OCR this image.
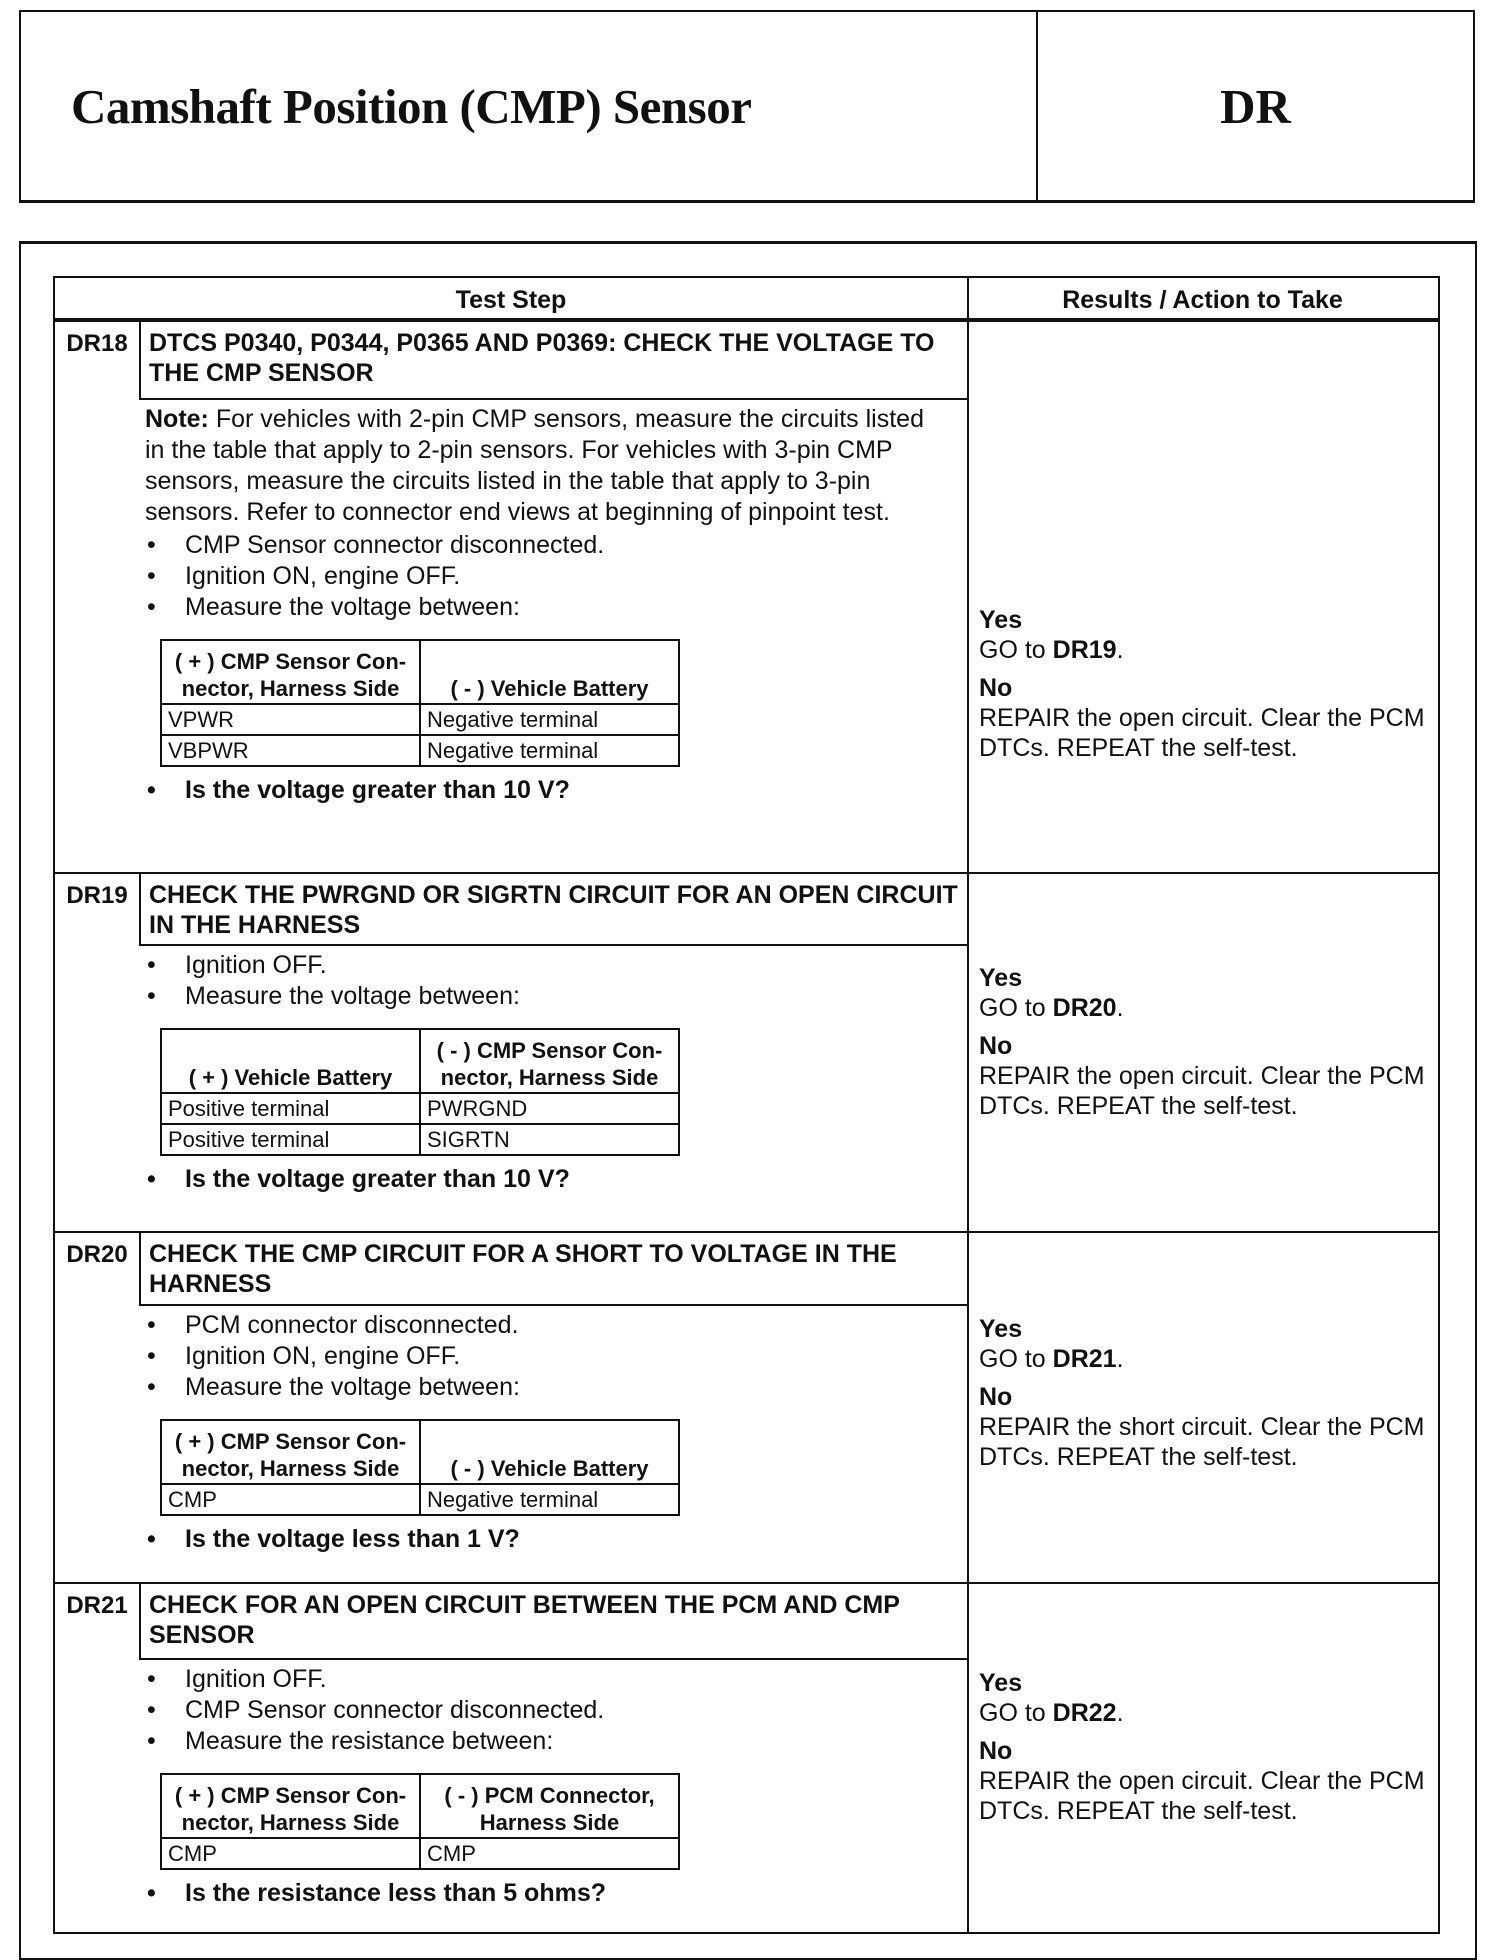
Camshaft Position (CMP) Sensor	DR
Test Step	Results / Action to Take
DR18 DTCS P0340, P0344, P0365 AND P0369: CHECK THE VOLTAGE TO THE CMP SENSOR

Note: For vehicles with 2-pin CMP sensors, measure the circuits listed in the table that apply to 2-pin sensors. For vehicles with 3-pin CMP sensors, measure the circuits listed in the table that apply to 3-pin sensors. Refer to connector end views at beginning of pinpoint test.

• CMP Sensor connector disconnected.
• Ignition ON, engine OFF.
• Measure the voltage between:
( + ) CMP Sensor Con-nector, Harness Side	( - ) Vehicle Battery
VPWR	Negative terminal
VBPWR	Negative terminal
• Is the voltage greater than 10 V?
Yes
GO to DR19.
No
REPAIR the open circuit. Clear the PCM DTCs. REPEAT the self-test.
DR19 CHECK THE PWRGND OR SIGRTN CIRCUIT FOR AN OPEN CIRCUIT IN THE HARNESS
• Ignition OFF.
• Measure the voltage between:
( + ) Vehicle Battery	( - ) CMP Sensor Con-nector, Harness Side
Positive terminal	PWRGND
Positive terminal	SIGRTN
• Is the voltage greater than 10 V?
Yes
GO to DR20.
No
REPAIR the open circuit. Clear the PCM DTCs. REPEAT the self-test.
DR20 CHECK THE CMP CIRCUIT FOR A SHORT TO VOLTAGE IN THE HARNESS
• PCM connector disconnected.
• Ignition ON, engine OFF.
• Measure the voltage between:
( + ) CMP Sensor Con-nector, Harness Side	( - ) Vehicle Battery
CMP	Negative terminal
• Is the voltage less than 1 V?
Yes
GO to DR21.
No
REPAIR the short circuit. Clear the PCM DTCs. REPEAT the self-test.
DR21 CHECK FOR AN OPEN CIRCUIT BETWEEN THE PCM AND CMP SENSOR
• Ignition OFF.
• CMP Sensor connector disconnected.
• Measure the resistance between:
( + ) CMP Sensor Con-nector, Harness Side	( - ) PCM Connector, Harness Side
CMP	CMP
• Is the resistance less than 5 ohms?
Yes
GO to DR22.
No
REPAIR the open circuit. Clear the PCM DTCs. REPEAT the self-test.
